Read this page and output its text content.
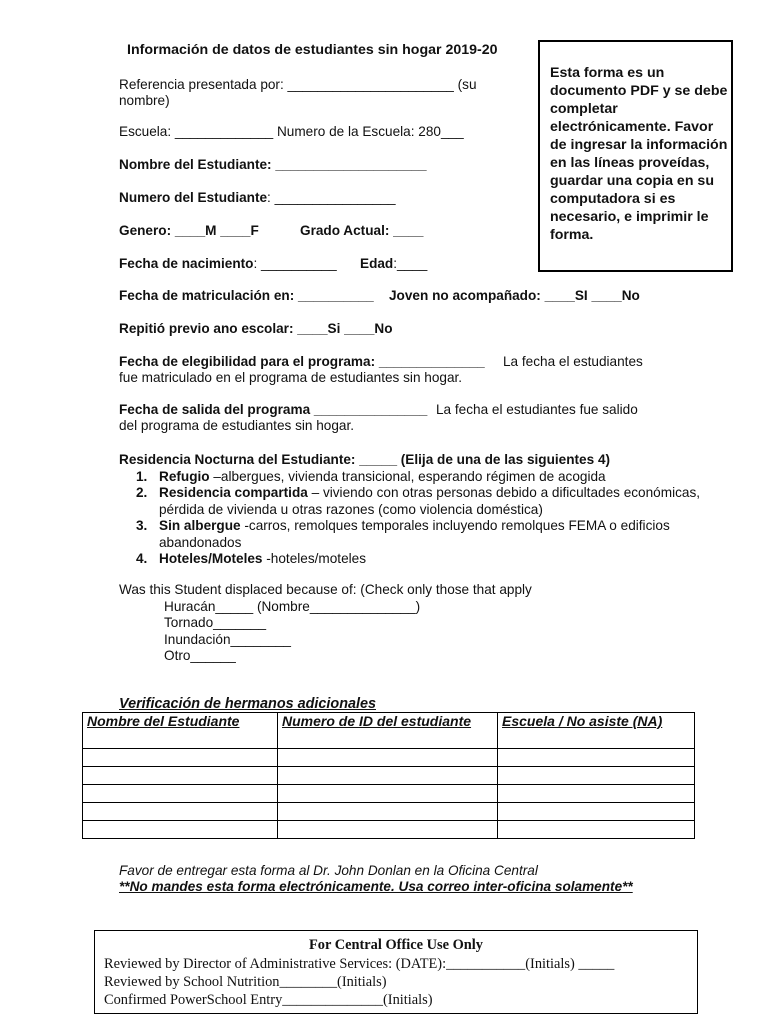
Información de datos de estudiantes sin hogar 2019-20
Esta forma es un documento PDF y se debe completar electrónicamente. Favor de ingresar la información en las líneas proveídas, guardar una copia en su computadora si es necesario, e imprimir le forma.
Referencia presentada por: ______________________ (su
nombre)
Escuela: _____________ Numero de la Escuela: 280___
Nombre del Estudiante: ____________________
Numero del Estudiante: ________________
Genero: ____M ____F	Grado Actual: ____
Fecha de nacimiento: __________ Edad:____
Fecha de matriculación en: __________ Joven no acompañado: ____SI ____No
Repitió previo ano escolar: ____Si ____No
Fecha de elegibilidad para el programa: ______________ La fecha el estudiantes
fue matriculado en el programa de estudiantes sin hogar.
Fecha de salida del programa _______________ La fecha el estudiantes fue salido
del programa de estudiantes sin hogar.
Residencia Nocturna del Estudiante: _____ (Elija de una de las siguientes 4)
1. Refugio –albergues, vivienda transicional, esperando régimen de acogida
2. Residencia compartida – viviendo con otras personas debido a dificultades económicas, pérdida de vivienda u otras razones (como violencia doméstica)
3. Sin albergue -carros, remolques temporales incluyendo remolques FEMA o edificios abandonados
4. Hoteles/Moteles -hoteles/moteles
Was this Student displaced because of: (Check only those that apply
Huracán_____ (Nombre______________)
Tornado_______
Inundación________
Otro______
Verificación de hermanos adicionales
Nombre del Estudiante	Numero de ID del estudiante	Escuela / No asiste (NA)

Favor de entregar esta forma al Dr. John Donlan en la Oficina Central
**No mandes esta forma electrónicamente. Usa correo inter-oficina solamente**
For Central Office Use Only
Reviewed by Director of Administrative Services: (DATE):___________(Initials) _____
Reviewed by School Nutrition________(Initials)
Confirmed PowerSchool Entry______________(Initials)
